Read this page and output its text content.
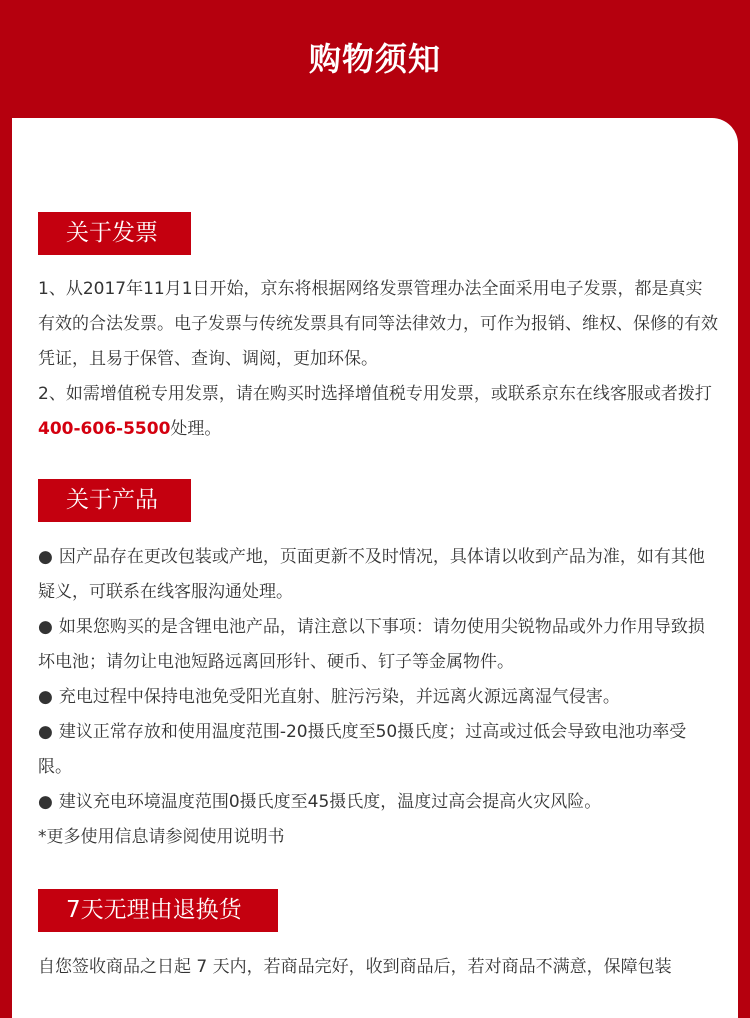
购物须知
关于发票

1、从2017年11月1日开始，京东将根据网络发票管理办法全面采用电子发票，都是真实有效的合法发票。电子发票与传统发票具有同等法律效力，可作为报销、维权、保修的有效凭证，且易于保管、查询、调阅，更加环保。

2、如需增值税专用发票，请在购买时选择增值税专用发票，或联系京东在线客服或者拨打400-606-5500处理。

关于产品

● 因产品存在更改包装或产地，页面更新不及时情况，具体请以收到产品为准，如有其他疑义，可联系在线客服沟通处理。

● 如果您购买的是含锂电池产品，请注意以下事项：请勿使用尖锐物品或外力作用导致损坏电池；请勿让电池短路远离回形针、硬币、钉子等金属物件。

● 充电过程中保持电池免受阳光直射、脏污污染，并远离火源远离湿气侵害。

● 建议正常存放和使用温度范围-20摄氏度至50摄氏度；过高或过低会导致电池功率受限。

● 建议充电环境温度范围0摄氏度至45摄氏度，温度过高会提高火灾风险。

*更多使用信息请参阅使用说明书

7天无理由退换货
自您签收商品之日起 7 天内，若商品完好，收到商品后，若对商品不满意，保障包装
